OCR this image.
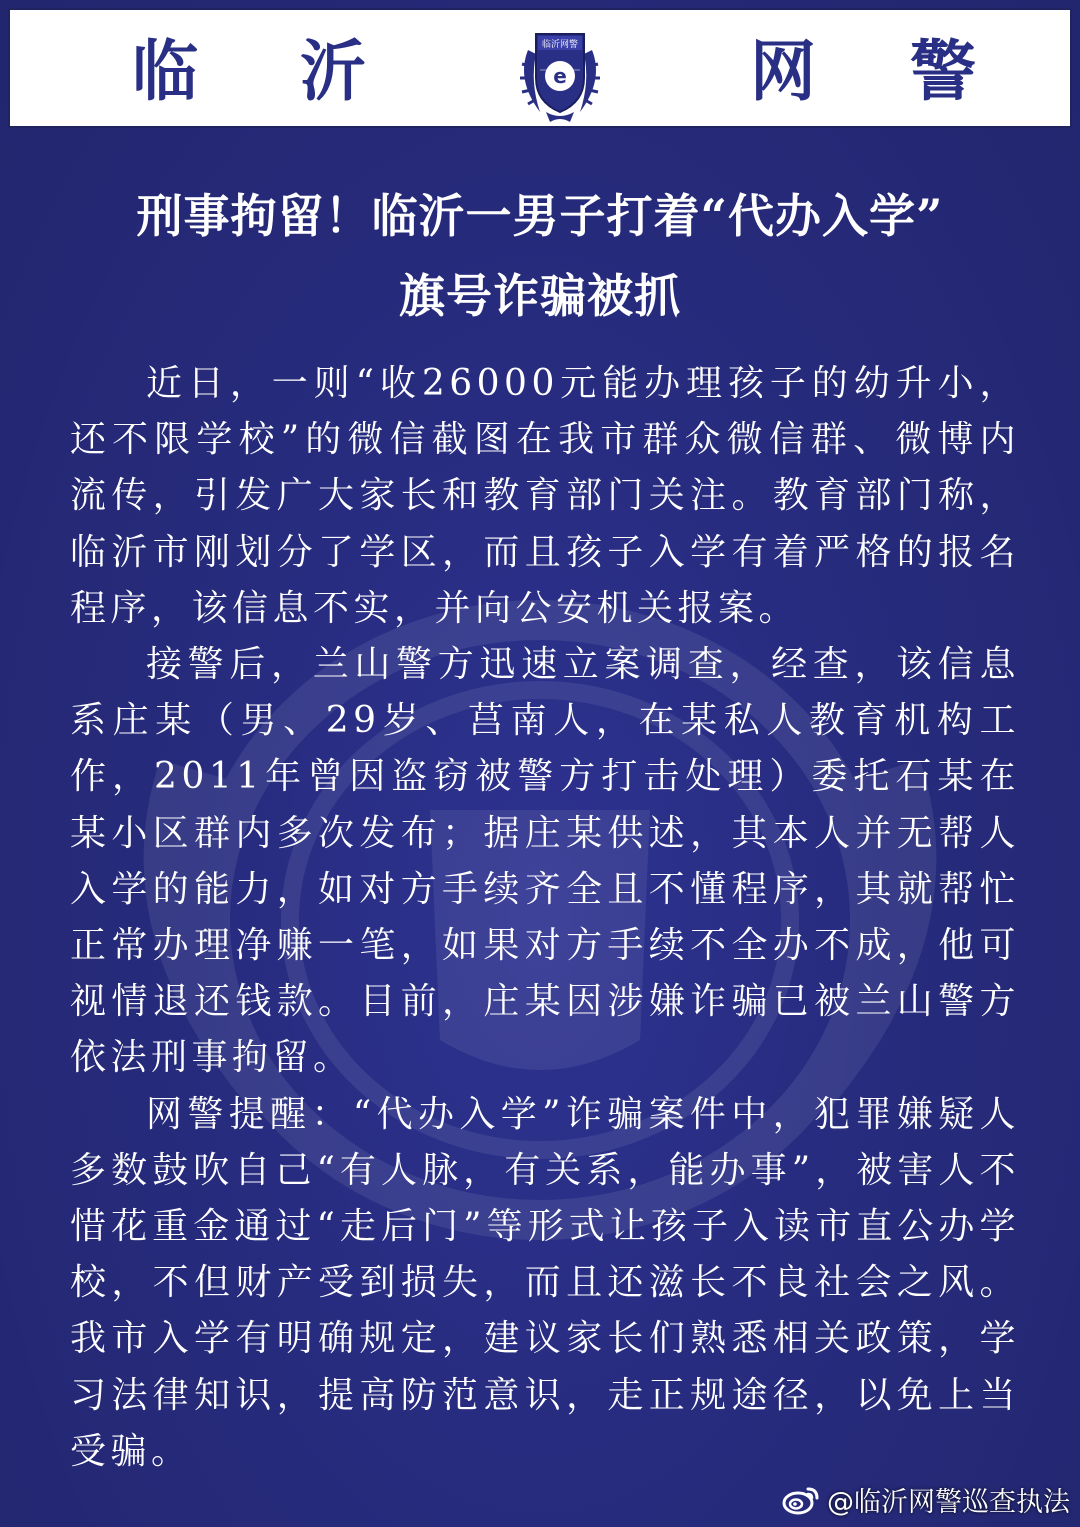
临 沂	临沂网警
e	网 警
刑事拘留！临沂一男子打着“代办入学”
旗号诈骗被抓

近日，一则“收26000元能办理孩子的幼升小，还不限学校”的微信截图在我市群众微信群、微博内流传，引发广大家长和教育部门关注。教育部门称，临沂市刚划分了学区，而且孩子入学有着严格的报名程序，该信息不实，并向公安机关报案。

接警后，兰山警方迅速立案调查，经查，该信息系庄某（男、29岁、莒南人，在某私人教育机构工作，2011年曾因盗窃被警方打击处理）委托石某在某小区群内多次发布；据庄某供述，其本人并无帮人入学的能力，如对方手续齐全且不懂程序，其就帮忙正常办理净赚一笔，如果对方手续不全办不成，他可视情退还钱款。目前，庄某因涉嫌诈骗已被兰山警方依法刑事拘留。

网警提醒：“代办入学”诈骗案件中，犯罪嫌疑人多数鼓吹自己“有人脉，有关系，能办事”，被害人不惜花重金通过“走后门”等形式让孩子入读市直公办学校，不但财产受到损失，而且还滋长不良社会之风。我市入学有明确规定，建议家长们熟悉相关政策，学习法律知识，提高防范意识，走正规途径，以免上当受骗。

@临沂网警巡查执法
